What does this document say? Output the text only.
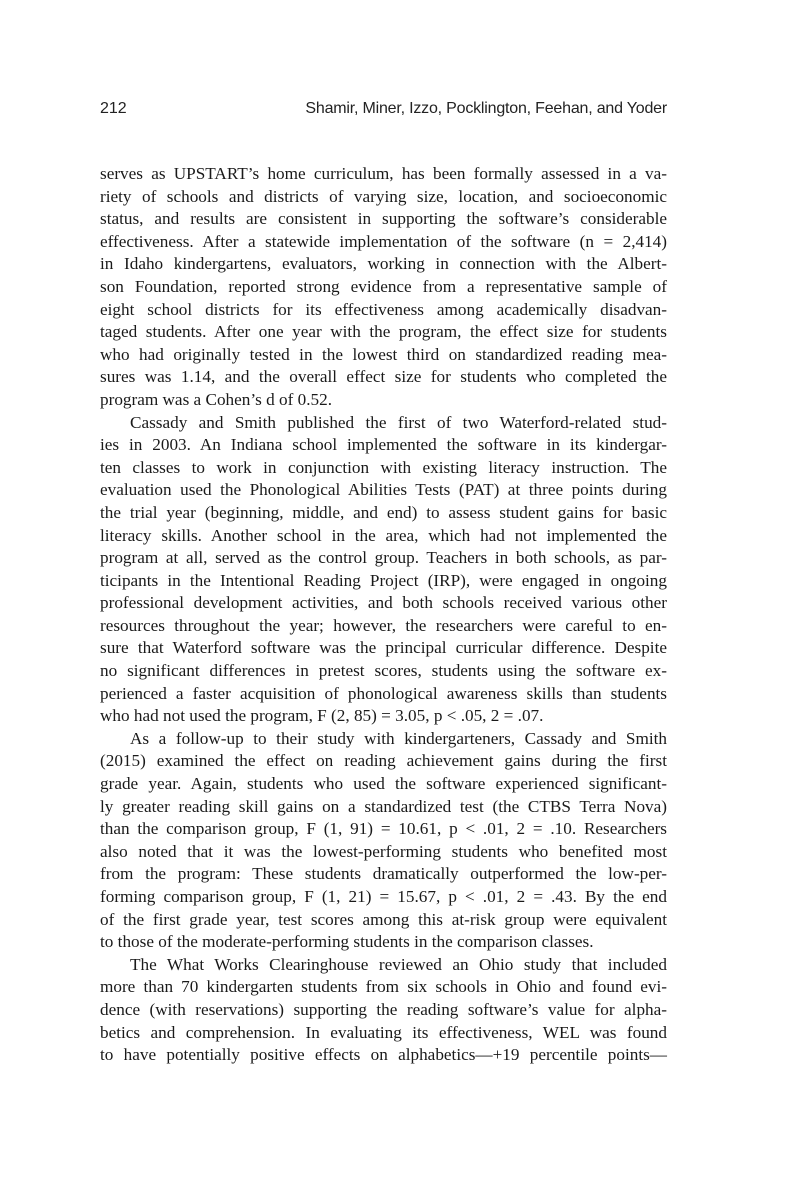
212	Shamir, Miner, Izzo, Pocklington, Feehan, and Yoder
serves as UPSTART’s home curriculum, has been formally assessed in a va-
riety of schools and districts of varying size, location, and socioeconomic
status, and results are consistent in supporting the software’s considerable
effectiveness. After a statewide implementation of the software (n = 2,414)
in Idaho kindergartens, evaluators, working in connection with the Albert-
son Foundation, reported strong evidence from a representative sample of
eight school districts for its effectiveness among academically disadvan-
taged students. After one year with the program, the effect size for students
who had originally tested in the lowest third on standardized reading mea-
sures was 1.14, and the overall effect size for students who completed the
program was a Cohen’s d of 0.52.
Cassady and Smith published the first of two Waterford-related stud-
ies in 2003. An Indiana school implemented the software in its kindergar-
ten classes to work in conjunction with existing literacy instruction. The
evaluation used the Phonological Abilities Tests (PAT) at three points during
the trial year (beginning, middle, and end) to assess student gains for basic
literacy skills. Another school in the area, which had not implemented the
program at all, served as the control group. Teachers in both schools, as par-
ticipants in the Intentional Reading Project (IRP), were engaged in ongoing
professional development activities, and both schools received various other
resources throughout the year; however, the researchers were careful to en-
sure that Waterford software was the principal curricular difference. Despite
no significant differences in pretest scores, students using the software ex-
perienced a faster acquisition of phonological awareness skills than students
who had not used the program, F (2, 85) = 3.05, p < .05, 2 = .07.
As a follow-up to their study with kindergarteners, Cassady and Smith
(2015) examined the effect on reading achievement gains during the first
grade year. Again, students who used the software experienced significant-
ly greater reading skill gains on a standardized test (the CTBS Terra Nova)
than the comparison group, F (1, 91) = 10.61, p < .01, 2 = .10. Researchers
also noted that it was the lowest-performing students who benefited most
from the program: These students dramatically outperformed the low-per-
forming comparison group, F (1, 21) = 15.67, p < .01, 2 = .43. By the end
of the first grade year, test scores among this at-risk group were equivalent
to those of the moderate-performing students in the comparison classes.
The What Works Clearinghouse reviewed an Ohio study that included
more than 70 kindergarten students from six schools in Ohio and found evi-
dence (with reservations) supporting the reading software’s value for alpha-
betics and comprehension. In evaluating its effectiveness, WEL was found
to have potentially positive effects on alphabetics—+19 percentile points—
